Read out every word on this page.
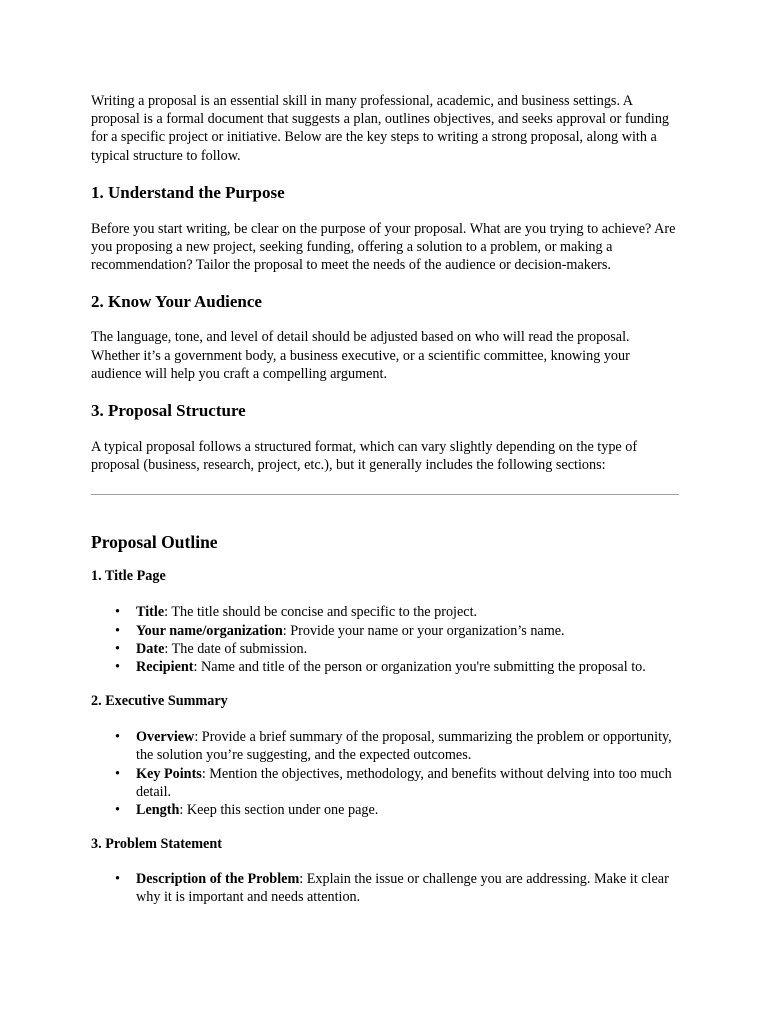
Writing a proposal is an essential skill in many professional, academic, and business settings. A proposal is a formal document that suggests a plan, outlines objectives, and seeks approval or funding for a specific project or initiative. Below are the key steps to writing a strong proposal, along with a typical structure to follow.

1. Understand the Purpose

Before you start writing, be clear on the purpose of your proposal. What are you trying to achieve? Are you proposing a new project, seeking funding, offering a solution to a problem, or making a recommendation? Tailor the proposal to meet the needs of the audience or decision-makers.

2. Know Your Audience

The language, tone, and level of detail should be adjusted based on who will read the proposal. Whether it’s a government body, a business executive, or a scientific committee, knowing your audience will help you craft a compelling argument.

3. Proposal Structure

A typical proposal follows a structured format, which can vary slightly depending on the type of proposal (business, research, project, etc.), but it generally includes the following sections:

Proposal Outline
1. Title Page
• Title: The title should be concise and specific to the project.
• Your name/organization: Provide your name or your organization’s name.
• Date: The date of submission.
• Recipient: Name and title of the person or organization you're submitting the proposal to.
2. Executive Summary
• Overview: Provide a brief summary of the proposal, summarizing the problem or opportunity, the solution you’re suggesting, and the expected outcomes.
• Key Points: Mention the objectives, methodology, and benefits without delving into too much detail.
• Length: Keep this section under one page.
3. Problem Statement
• Description of the Problem: Explain the issue or challenge you are addressing. Make it clear why it is important and needs attention.
